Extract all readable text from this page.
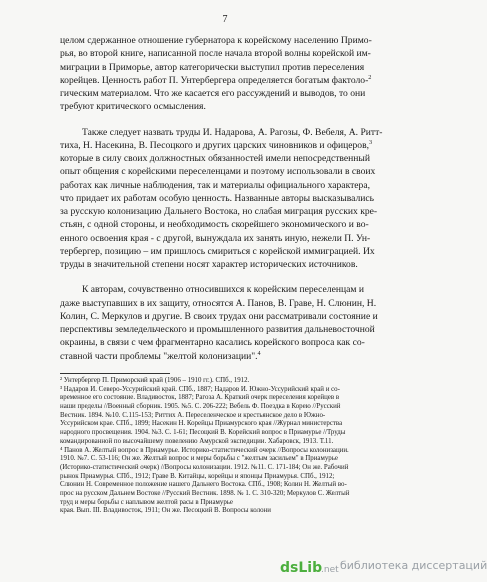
7
целом сдержанное отношение губернатора к корейскому населению Примо-
рья, во второй книге, написанной после начала второй волны корейской им-
миграции в Приморье, автор категорически выступил против переселения
корейцев. Ценность работ П. Унтербергера определяется богатым фактоло-$^2$
гическим материалом. Что же касается его рассуждений и выводов, то они
требуют критического осмысления.
Также следует назвать труды И. Надарова, А. Рагозы, Ф. Вебеля, А. Ритт-
тиха, Н. Насекина, В. Песоцкого и других царских чиновников и офицеров,$^3$
которые в силу своих должностных обязанностей имели непосредственный
опыт общения с корейскими переселенцами и поэтому использовали в своих
работах как личные наблюдения, так и материалы официального характера,
что придает их работам особую ценность. Названные авторы высказывались
за русскую колонизацию Дальнего Востока, но слабая миграция русских кре-
стьян, с одной стороны, и необходимость скорейшего экономического и во-
енного освоения края - с другой, вынуждала их занять иную, нежели П. Ун-
тербергер, позицию – им пришлось смириться с корейской иммиграцией. Их
труды в значительной степени носят характер исторических источников.
К авторам, сочувственно относившихся к корейским переселенцам и
даже выступавших в их защиту, относятся А. Панов, В. Граве, Н. Слюнин, Н.
Колин, С. Меркулов и другие. В своих трудах они рассматривали состояние и
перспективы земледельческого и промышленного развития дальневосточной
окраины, в связи с чем фрагментарно касались корейского вопроса как со-
ставной части проблемы "желтой колонизации".$^4$
² Унтербергер П. Приморский край (1906 – 1910 гг.). СПб., 1912.
³ Надаров И. Северо-Уссурийский край. СПб., 1887; Надаров И. Южно-Уссурийский край и со-
временное его состояние. Владивосток, 1887; Рагоза А. Краткий очерк переселения корейцев в
наши пределы //Военный сборник. 1905. №5. С. 206-222; Вебель Ф. Поездка в Корею //Русский
Вестник. 1894. №10. С.115-153; Риттих А. Переселенческое и крестьянское дело в Южно-
Уссурийском крае. СПб., 1899; Насекин Н. Корейцы Приамурского края //Журнал министерства
народного просвещения. 1904. №3. С. 1-61; Песоцкий В. Корейский вопрос в Приамурье //Труды
командированной по высочайшему повелению Амурской экспедиции. Хабаровск, 1913. Т.11.
⁴ Панов А. Желтый вопрос в Приамурье. Историко-статистический очерк //Вопросы колонизации.
1910. №7. С. 53-116; Он же. Желтый вопрос и меры борьбы с "желтым засильем" в Приамурье
(Историко-статистический очерк) //Вопросы колонизации. 1912. №11. С. 171-184; Он же. Рабочий
рынок Приамурья. СПб., 1912; Граве В. Китайцы, корейцы и японцы Приамурья. СПб., 1912;
Слюнин Н. Современное положение нашего Дальнего Востока. СПб., 1908; Колин Н. Желтый во-
прос на русском Дальнем Востоке //Русский Вестник. 1898. № 1. С. 310-320; Меркулов С. Желтый
труд и меры борьбы с наплывом желтой расы в Приамурье
края. Вып. III. Владивосток, 1911; Он же. Песоцкий В. Вопросы колони
dsLib
.net библиотека диссертаций
